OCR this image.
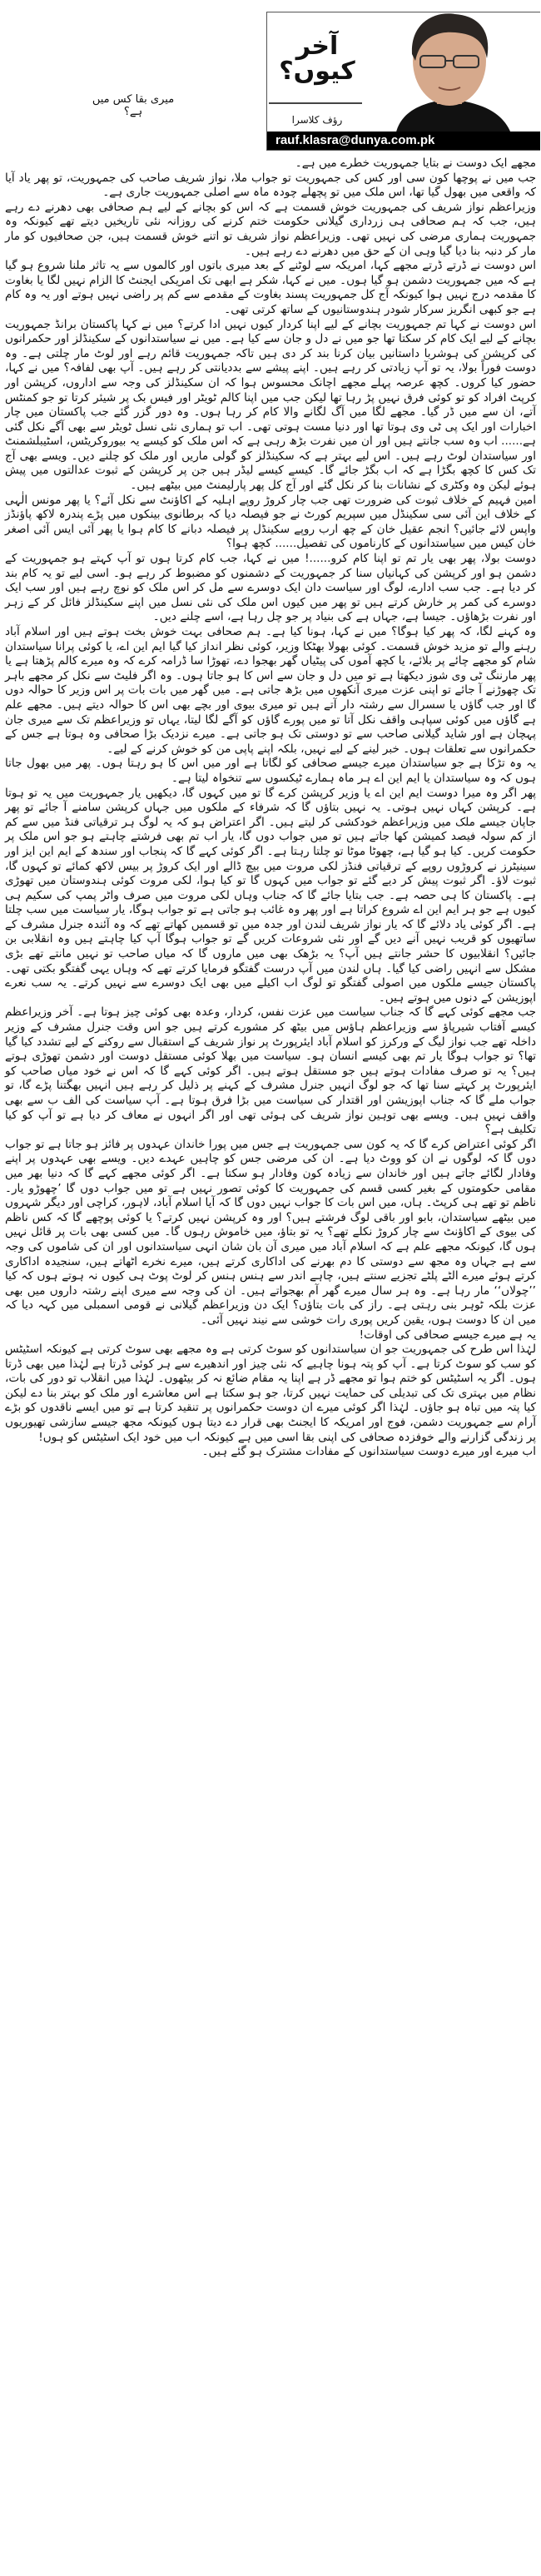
میری بقا کس میں ہے؟
آخر کیوں؟
رؤف کلاسرا
rauf.klasra@dunya.com.pk

مجھے ایک دوست نے بتایا جمہوریت خطرے میں ہے۔

جب میں نے پوچھا کون سی اور کس کی جمہوریت تو جواب ملا، نواز شریف صاحب کی جمہوریت، تو پھر یاد آیا کہ واقعی میں بھول گیا تھا، اس ملک میں تو پچھلے چودہ ماہ سے اصلی جمہوریت جاری ہے۔

وزیراعظم نواز شریف کی جمہوریت خوش قسمت ہے کہ اس کو بچانے کے لیے ہم صحافی بھی دھرنے دے رہے ہیں، جب کہ ہم صحافی ہی زرداری گیلانی حکومت ختم کرنے کی روزانہ نئی تاریخیں دیتے تھے کیونکہ وہ جمہوریت ہماری مرضی کی نہیں تھی۔ وزیراعظم نواز شریف تو اتنے خوش قسمت ہیں، جن صحافیوں کو مار مار کر دنبہ بنا دیا گیا وہی ان کے حق میں دھرنے دے رہے ہیں۔

اس دوست نے ڈرتے ڈرتے مجھے کہا، امریکہ سے لوٹنے کے بعد میری باتوں اور کالموں سے یہ تاثر ملنا شروع ہو گیا ہے کہ میں جمہوریت دشمن ہو گیا ہوں۔ میں نے کہا، شکر ہے ابھی تک امریکی ایجنٹ کا الزام نہیں لگا یا بغاوت کا مقدمہ درج نہیں ہوا کیونکہ آج کل جمہوریت پسند بغاوت کے مقدمے سے کم پر راضی نہیں ہوتے اور یہ وہ کام ہے جو کبھی انگریز سرکار شودر ہندوستانیوں کے ساتھ کرتی تھی۔

اس دوست نے کہا تم جمہوریت بچانے کے لیے اپنا کردار کیوں نہیں ادا کرتے؟ میں نے کہا پاکستان برانڈ جمہوریت بچانے کے لیے ایک کام کر سکتا تھا جو میں نے دل و جان سے کیا ہے۔ میں نے سیاستدانوں کے سکینڈلز اور حکمرانوں کی کرپشن کی ہوشربا داستانیں بیان کرنا بند کر دی ہیں تاکہ جمہوریت قائم رہے اور لوٹ مار چلتی ہے۔ وہ دوست فوراً بولا، یہ تو آپ زیادتی کر رہے ہیں۔ اپنے پیشے سے بددیانتی کر رہے ہیں۔ آپ بھی لفافہ؟ میں نے کہا، حضور کیا کروں۔ کچھ عرصہ پہلے مجھے اچانک محسوس ہوا کہ ان سکینڈلز کی وجہ سے اداروں، کرپشن اور کرپٹ افراد کو تو کوئی فرق نہیں پڑ رہا تھا لیکن جب میں اپنا کالم ٹویٹر اور فیس بک پر شیئر کرتا تو جو کمنٹس آتے، ان سے میں ڈر گیا۔ مجھے لگا میں آگ لگانے والا کام کر رہا ہوں۔ وہ دور گزر گئے جب پاکستان میں چار اخبارات اور ایک پی ٹی وی ہوتا تھا اور دنیا مست ہوتی تھی۔ اب تو ہماری نئی نسل ٹویٹر سے بھی آگے نکل گئی ہے...... اب وہ سب جانتے ہیں اور ان میں نفرت بڑھ رہی ہے کہ اس ملک کو کیسے یہ بیوروکریٹس، اسٹیبلشمنٹ اور سیاستدان لوٹ رہے ہیں۔ اس لیے بہتر ہے کہ سکینڈلز کو گولی ماریں اور ملک کو چلنے دیں۔ ویسے بھی آج تک کس کا کچھ بگڑا ہے کہ اب بگڑ جائے گا۔ کیسے کیسے لیڈر ہیں جن پر کرپشن کے ثبوت عدالتوں میں پیش ہوئے لیکن وہ وکٹری کے نشانات بنا کر نکل گئے اور آج کل پھر پارلیمنٹ میں بیٹھے ہیں۔

امین فہیم کے خلاف ثبوت کی ضرورت تھی جب چار کروڑ روپے اہلیہ کے اکاؤنٹ سے نکل آئے؟ یا پھر مونس الٰہی کے خلاف این آئی سی سکینڈل میں سپریم کورٹ نے جو فیصلہ دیا کہ برطانوی بینکوں میں پڑے پندرہ لاکھ پاؤنڈز واپس لائے جائیں؟ انجم عقیل خان کے چھ ارب روپے سکینڈل پر فیصلہ دبانے کا کام ہوا یا پھر آئی ایس آئی اصغر خان کیس میں سیاستدانوں کے کارناموں کی تفصیل...... کچھ ہوا؟

دوست بولا، پھر بھی یار تم تو اپنا کام کرو......! میں نے کہا، جب کام کرتا ہوں تو آپ کہتے ہو جمہوریت کے دشمن ہو اور کرپشن کی کہانیاں سنا کر جمہوریت کے دشمنوں کو مضبوط کر رہے ہو۔ اسی لیے تو یہ کام بند کر دیا ہے۔ جب سب ادارے، لوگ اور سیاست دان ایک دوسرے سے مل کر اس ملک کو نوچ رہے ہیں اور سب ایک دوسرے کی کمر پر خارش کرتے ہیں تو پھر میں کیوں اس ملک کی نئی نسل میں اپنے سکینڈلز فائل کر کے زہر اور نفرت بڑھاؤں۔ جیسا ہے، جہاں ہے کی بنیاد پر جو چل رہا ہے، اسے چلنے دیں۔

وہ کہنے لگا، کہ پھر کیا ہوگا؟ میں نے کہا، ہونا کیا ہے۔ ہم صحافی بہت خوش بخت ہوتے ہیں اور اسلام آباد رہنے والے تو مزید خوش قسمت۔ کوئی بھولا بھٹکا وزیر، کوئی نظر انداز کیا گیا ایم این اے، یا کوئی پرانا سیاستدان شام کو مجھے چائے پر بلائے، یا کچھ آموں کی پیٹیاں گھر بھجوا دے، تھوڑا سا ڈرامہ کرے کہ وہ میرے کالم پڑھتا ہے یا پھر مارننگ ٹی وی شوز دیکھتا ہے تو میں دل و جان سے اس کا ہو جاتا ہوں۔ وہ اگر فلیٹ سے نکل کر مجھے باہر تک چھوڑنے آ جائے تو اپنی عزت میری آنکھوں میں بڑھ جاتی ہے۔ میں گھر میں بات بات پر اس وزیر کا حوالہ دوں گا اور جب گاؤں یا سسرال سے رشتہ دار آتے ہیں تو میری بیوی اور بچے بھی اس کا حوالہ دیتے ہیں۔ مجھے علم ہے گاؤں میں کوئی سپاہی واقف نکل آتا تو میں پورے گاؤں کو آگے لگا لیتا، یہاں تو وزیراعظم تک سے میری جان پہچان ہے اور شاید گیلانی صاحب سے تو دوستی تک ہو جاتی ہے۔ میرے نزدیک بڑا صحافی وہ ہوتا ہے جس کے حکمرانوں سے تعلقات ہوں۔ خبر لینے کے لیے نہیں، بلکہ اپنے پاپی من کو خوش کرنے کے لیے۔

یہ وہ تڑکا ہے جو سیاستدان میرے جیسے صحافی کو لگاتا ہے اور میں اس کا ہو رہتا ہوں۔ پھر میں بھول جاتا ہوں کہ وہ سیاستدان یا ایم این اے ہر ماہ ہمارے ٹیکسوں سے تنخواہ لیتا ہے۔

پھر اگر وہ میرا دوست ایم این اے یا وزیر کرپشن کرے گا تو میں کہوں گا، دیکھیں یار جمہوریت میں یہ تو ہوتا ہے۔ کرپشن کہاں نہیں ہوتی۔ یہ نہیں بتاؤں گا کہ شرفاء کے ملکوں میں جہاں کرپشن سامنے آ جائے تو پھر جاپان جیسے ملک میں وزیراعظم خودکشی کر لیتے ہیں۔ اگر اعتراض ہو کہ یہ لوگ ہر ترقیاتی فنڈ میں سے کم از کم سولہ فیصد کمیشن کھا جاتے ہیں تو میں جواب دوں گا، یار اب تم بھی فرشتے چاہتے ہو جو اس ملک پر حکومت کریں۔ کیا ہو گیا ہے، چھوٹا موٹا تو چلتا رہتا ہے۔ اگر کوئی کہے گا کہ پنجاب اور سندھ کے ایم این ایز اور سینیٹرز نے کروڑوں روپے کے ترقیاتی فنڈز لکی مروت میں بیچ ڈالے اور ایک کروڑ پر بیس لاکھ کمائے تو کہوں گا، ثبوت لاؤ۔ اگر ثبوت پیش کر دیے گئے تو جواب میں کہوں گا تو کیا ہوا، لکی مروت کوئی ہندوستان میں تھوڑی ہے۔ پاکستان کا ہی حصہ ہے۔ جب بتایا جائے گا کہ جناب وہاں لکی مروت میں صرف واٹر پمپ کی سکیم ہی کیوں ہے جو ہر ایم این اے شروع کراتا ہے اور پھر وہ غائب ہو جاتی ہے تو جواب ہوگا، یار سیاست میں سب چلتا ہے۔ اگر کوئی یاد دلائے گا کہ یار نواز شریف لندن اور جدہ میں تو قسمیں کھاتے تھے کہ وہ آئندہ جنرل مشرف کے ساتھیوں کو قریب نہیں آنے دیں گے اور نئی شروعات کریں گے تو جواب ہوگا آپ کیا چاہتے ہیں وہ انقلابی بن جائیں؟ انقلابیوں کا حشر جانتے ہیں آپ؟ یہ بڑھک بھی میں ماروں گا کہ میاں صاحب تو نہیں مانتے تھے بڑی مشکل سے انہیں راضی کیا گیا۔ ہاں لندن میں آپ درست گفتگو فرمایا کرتے تھے کہ وہاں یہی گفتگو بکتی تھی۔ پاکستان جیسے ملکوں میں اصولی گفتگو تو لوگ اب اکیلے میں بھی ایک دوسرے سے نہیں کرتے۔ یہ سب نعرے اپوزیشن کے دنوں میں ہوتے ہیں۔

جب مجھے کوئی کہے گا کہ جناب سیاست میں عزت نفس، کردار، وعدہ بھی کوئی چیز ہوتا ہے۔ آخر وزیراعظم کیسے آفتاب شیرپاؤ سے وزیراعظم ہاؤس میں بیٹھ کر مشورے کرتے ہیں جو اس وقت جنرل مشرف کے وزیر داخلہ تھے جب نواز لیگ کے ورکرز کو اسلام آباد ایئرپورٹ پر نواز شریف کے استقبال سے روکنے کے لیے تشدد کیا گیا تھا؟ تو جواب ہوگا یار تم بھی کیسے انسان ہو۔ سیاست میں بھلا کوئی مستقل دوست اور دشمن تھوڑی ہوتے ہیں؟ یہ تو صرف مفادات ہوتے ہیں جو مستقل ہوتے ہیں۔ اگر کوئی کہے گا کہ اس نے خود میاں صاحب کو ایئرپورٹ پر کہتے سنا تھا کہ جو لوگ انہیں جنرل مشرف کے کہنے پر ذلیل کر رہے ہیں انہیں بھگتنا پڑے گا، تو جواب ملے گا کہ جناب اپوزیشن اور اقتدار کی سیاست میں بڑا فرق ہوتا ہے۔ آپ سیاست کی الف ب سے بھی واقف نہیں ہیں۔ ویسے بھی توہین نواز شریف کی ہوئی تھی اور اگر انہوں نے معاف کر دیا ہے تو آپ کو کیا تکلیف ہے؟

اگر کوئی اعتراض کرے گا کہ یہ کون سی جمہوریت ہے جس میں پورا خاندان عہدوں پر فائز ہو جاتا ہے تو جواب دوں گا کہ لوگوں نے ان کو ووٹ دیا ہے۔ ان کی مرضی جس کو چاہیں عہدے دیں۔ ویسے بھی عہدوں پر اپنے وفادار لگائے جاتے ہیں اور خاندان سے زیادہ کون وفادار ہو سکتا ہے۔ اگر کوئی مجھے کہے گا کہ دنیا بھر میں مقامی حکومتوں کے بغیر کسی قسم کی جمہوریت کا کوئی تصور نہیں ہے تو میں جواب دوں گا ’چھوڑو یار۔ ناظم تو تھے ہی کرپٹ۔ ہاں، میں اس بات کا جواب نہیں دوں گا کہ آیا اسلام آباد، لاہور، کراچی اور دیگر شہروں میں بیٹھے سیاستدان، بابو اور باقی لوگ فرشتے ہیں؟ اور وہ کرپشن نہیں کرتے؟ یا کوئی پوچھے گا کہ کس ناظم کی بیوی کے اکاؤنٹ سے چار کروڑ نکلے تھے؟ یہ تو بتاؤ، میں خاموش رہوں گا۔ میں کسی بھی بات پر قائل نہیں ہوں گا، کیونکہ مجھے علم ہے کہ اسلام آباد میں میری آن بان شان انہی سیاستدانوں اور ان کی شاموں کی وجہ سے ہے جہاں وہ مجھ سے دوستی کا دم بھرنے کی اداکاری کرتے ہیں، میرے نخرے اٹھاتے ہیں، سنجیدہ اداکاری کرتے ہوئے میرے الٹے پلٹے تجزیے سنتے ہیں، چاہے اندر سے ہنس ہنس کر لوٹ پوٹ ہی کیوں نہ ہوتے ہوں کہ کیا ’’چولاں‘‘ مار رہا ہے۔ وہ ہر سال میرے گھر آم بھجواتے ہیں۔ ان کی وجہ سے میری اپنے رشتہ داروں میں بھی عزت بلکہ ٹوہر بنی رہتی ہے۔ راز کی بات بتاؤں؟ ایک دن وزیراعظم گیلانی نے قومی اسمبلی میں کہہ دیا کہ میں ان کا دوست ہوں، یقین کریں پوری رات خوشی سے نیند نہیں آئی۔

یہ ہے میرے جیسے صحافی کی اوقات!

لہٰذا اس طرح کی جمہوریت جو ان سیاستدانوں کو سوٹ کرتی ہے وہ مجھے بھی سوٹ کرتی ہے کیونکہ اسٹیٹس کو سب کو سوٹ کرتا ہے۔ آپ کو پتہ ہونا چاہیے کہ نئی چیز اور اندھیرے سے ہر کوئی ڈرتا ہے لہٰذا میں بھی ڈرتا ہوں۔ اگر یہ اسٹیٹس کو ختم ہوا تو مجھے ڈر ہے اپنا یہ مقام ضائع نہ کر بیٹھوں۔ لہٰذا میں انقلاب تو دور کی بات، نظام میں بہتری تک کی تبدیلی کی حمایت نہیں کرتا، جو ہو سکتا ہے اس معاشرے اور ملک کو بہتر بنا دے لیکن کیا پتہ میں تباہ ہو جاؤں۔ لہٰذا اگر کوئی میرے ان دوست حکمرانوں پر تنقید کرتا ہے تو میں ایسے ناقدوں کو بڑے آرام سے جمہوریت دشمن، فوج اور امریکہ کا ایجنٹ بھی قرار دے دیتا ہوں کیونکہ مجھ جیسے سازشی تھیوریوں پر زندگی گزارنے والے خوفزدہ صحافی کی اپنی بقا اسی میں ہے کیونکہ اب میں خود ایک اسٹیٹس کو ہوں!

اب میرے اور میرے دوست سیاستدانوں کے مفادات مشترک ہو گئے ہیں۔
